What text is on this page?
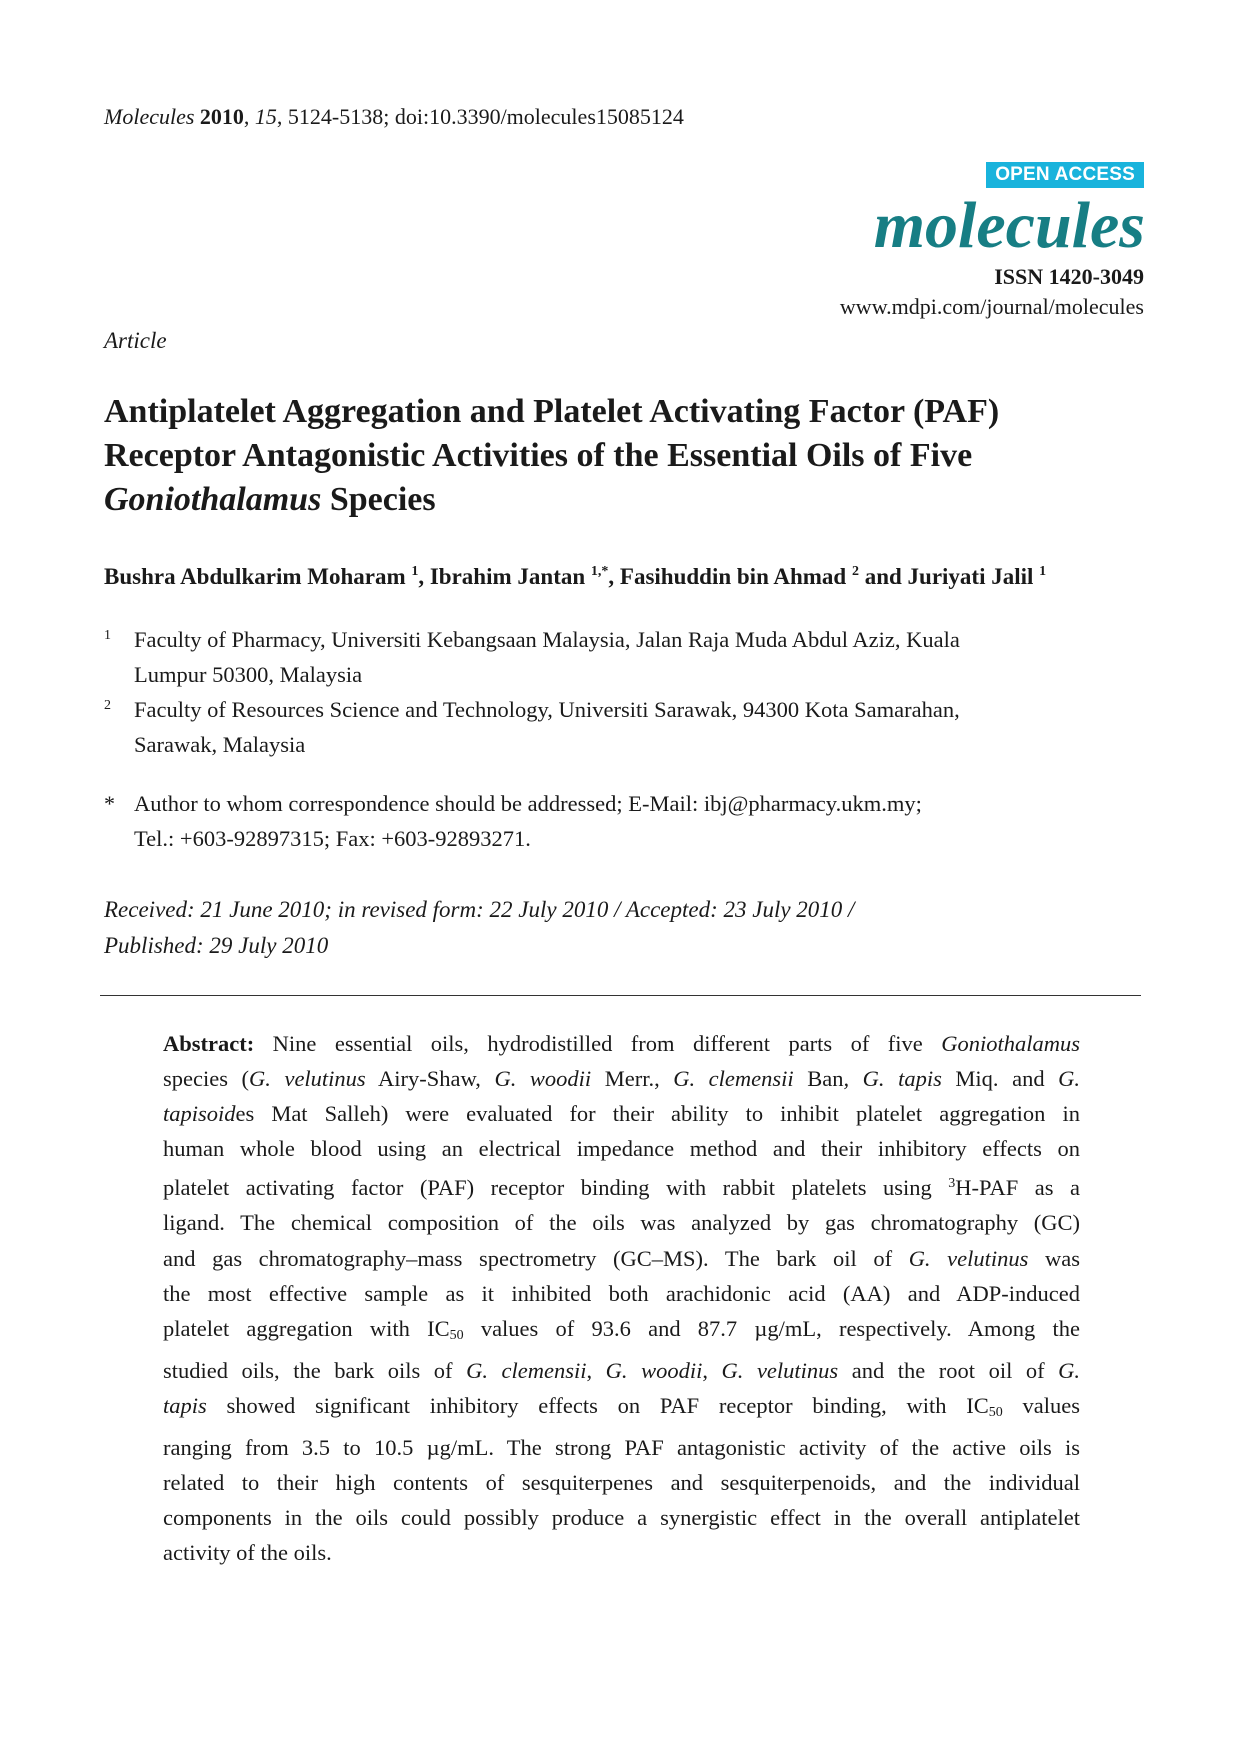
Molecules 2010, 15, 5124-5138; doi:10.3390/molecules15085124
OPEN ACCESS
molecules
ISSN 1420-3049
www.mdpi.com/journal/molecules
Article
Antiplatelet Aggregation and Platelet Activating Factor (PAF)
Receptor Antagonistic Activities of the Essential Oils of Five
Goniothalamus Species
Bushra Abdulkarim Moharam $^1$, Ibrahim Jantan $^{1,*}$, Fasihuddin bin Ahmad $^2$ and Juriyati Jalil $^1$
1 Faculty of Pharmacy, Universiti Kebangsaan Malaysia, Jalan Raja Muda Abdul Aziz, Kuala
Lumpur 50300, Malaysia
2 Faculty of Resources Science and Technology, Universiti Sarawak, 94300 Kota Samarahan,
Sarawak, Malaysia
* Author to whom correspondence should be addressed; E-Mail: ibj@pharmacy.ukm.my;
Tel.: +603-92897315; Fax: +603-92893271.
Received: 21 June 2010; in revised form: 22 July 2010 / Accepted: 23 July 2010 /
Published: 29 July 2010
Abstract: Nine essential oils, hydrodistilled from different parts of five Goniothalamus
species (G. velutinus Airy-Shaw, G. woodii Merr., G. clemensii Ban, G. tapis Miq. and G.
tapisoides Mat Salleh) were evaluated for their ability to inhibit platelet aggregation in
human whole blood using an electrical impedance method and their inhibitory effects on
platelet activating factor (PAF) receptor binding with rabbit platelets using $^3$H-PAF as a
ligand. The chemical composition of the oils was analyzed by gas chromatography (GC)
and gas chromatography–mass spectrometry (GC–MS). The bark oil of G. velutinus was
the most effective sample as it inhibited both arachidonic acid (AA) and ADP-induced
platelet aggregation with $IC_{50}$ values of 93.6 and 87.7 µg/mL, respectively. Among the
studied oils, the bark oils of G. clemensii, G. woodii, G. velutinus and the root oil of G.
tapis showed significant inhibitory effects on PAF receptor binding, with $IC_{50}$ values
ranging from 3.5 to 10.5 µg/mL. The strong PAF antagonistic activity of the active oils is
related to their high contents of sesquiterpenes and sesquiterpenoids, and the individual
components in the oils could possibly produce a synergistic effect in the overall antiplatelet
activity of the oils.
